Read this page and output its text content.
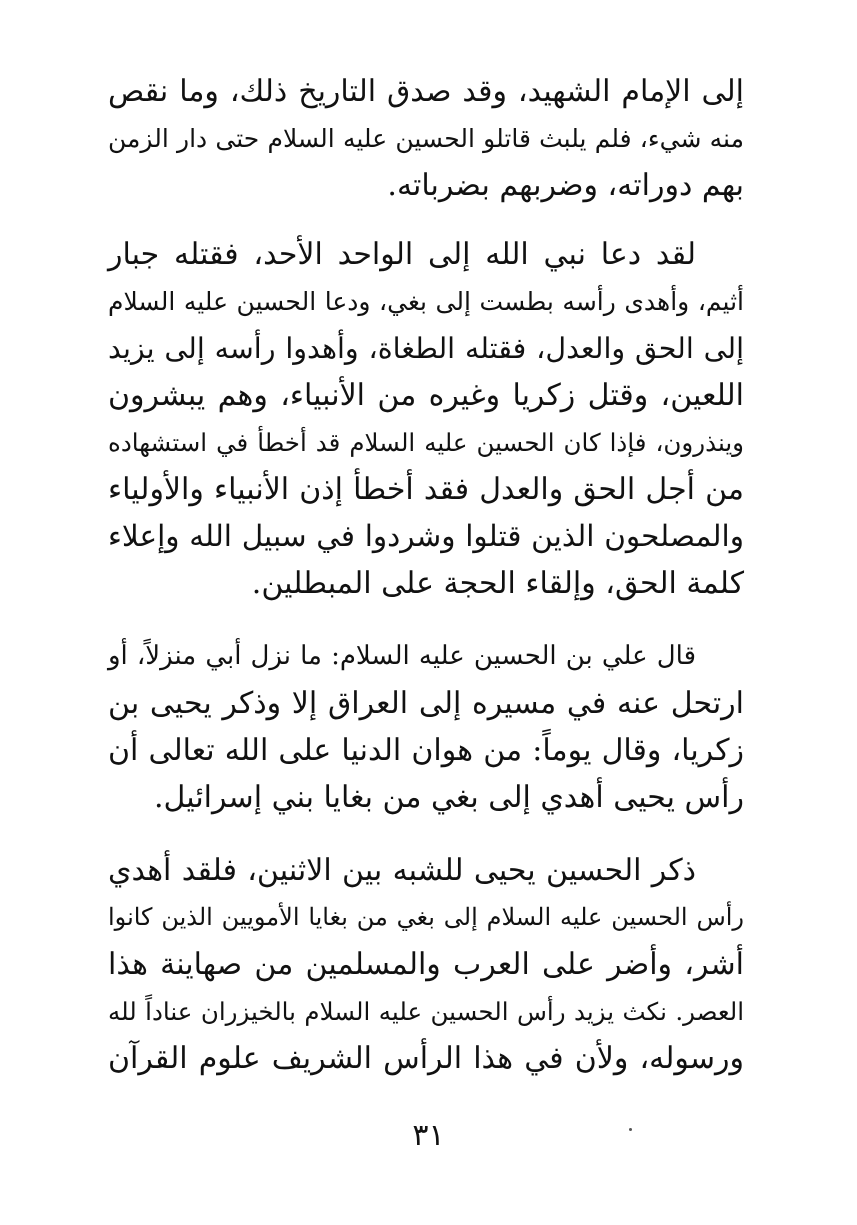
إلى الإمام الشهيد، وقد صدق التاريخ ذلك، وما نقص
منه شيء، فلم يلبث قاتلو الحسين عليه السلام حتى دار الزمن
بهم دوراته، وضربهم بضرباته.
لقد دعا نبي الله إلى الواحد الأحد، فقتله جبار
أثيم، وأهدى رأسه بطست إلى بغي، ودعا الحسين عليه السلام
إلى الحق والعدل، فقتله الطغاة، وأهدوا رأسه إلى يزيد
اللعين، وقتل زكريا وغيره من الأنبياء، وهم يبشرون
وينذرون، فإذا كان الحسين عليه السلام قد أخطأ في استشهاده
من أجل الحق والعدل فقد أخطأ إذن الأنبياء والأولياء
والمصلحون الذين قتلوا وشردوا في سبيل الله وإعلاء
كلمة الحق، وإلقاء الحجة على المبطلين.
قال علي بن الحسين عليه السلام: ما نزل أبي منزلاً، أو
ارتحل عنه في مسيره إلى العراق إلا وذكر يحيى بن
زكريا، وقال يوماً: من هوان الدنيا على الله تعالى أن
رأس يحيى أهدي إلى بغي من بغايا بني إسرائيل.
ذكر الحسين يحيى للشبه بين الاثنين، فلقد أهدي
رأس الحسين عليه السلام إلى بغي من بغايا الأمويين الذين كانوا
أشر، وأضر على العرب والمسلمين من صهاينة هذا
العصر. نكث يزيد رأس الحسين عليه السلام بالخيزران عناداً لله
ورسوله، ولأن في هذا الرأس الشريف علوم القرآن
٣١
